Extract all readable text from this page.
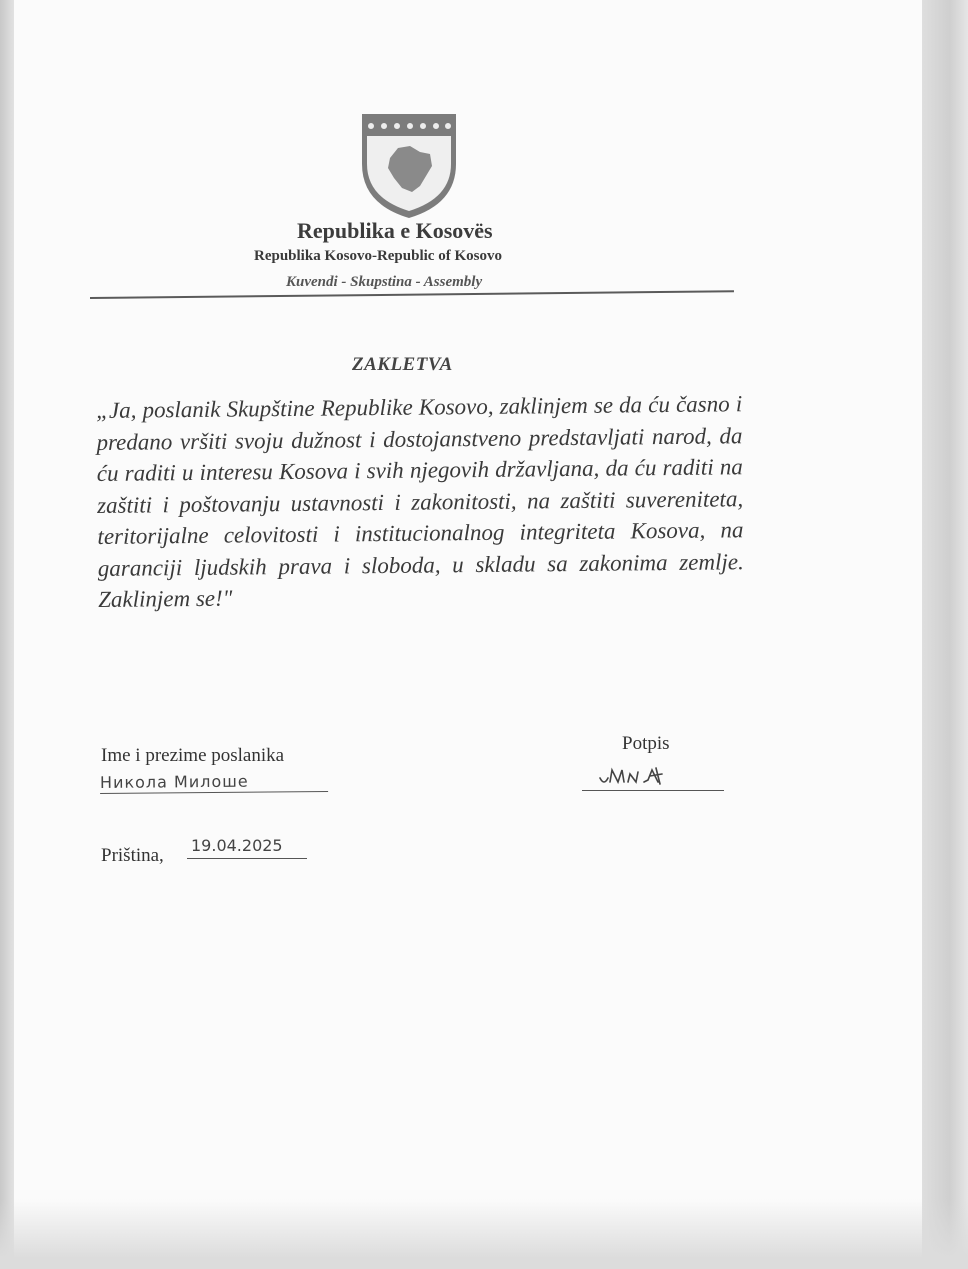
Republika e Kosovës
Republika Kosovo-Republic of Kosovo
Kuvendi - Skupstina - Assembly
ZAKLETVA

„Ja, poslanik Skupštine Republike Kosovo, zaklinjem se da ću časno i predano vršiti svoju dužnost i dostojanstveno predstavljati narod, da ću raditi u interesu Kosova i svih njegovih državljana, da ću raditi na zaštiti i poštovanju ustavnosti i zakonitosti, na zaštiti suvereniteta, teritorijalne celovitosti i institucionalnog integriteta Kosova, na garanciji ljudskih prava i sloboda, u skladu sa zakonima zemlje. Zaklinjem se!"

Ime i prezime poslanika
Никола Милоше
Potpis
Priština, 19.04.2025
